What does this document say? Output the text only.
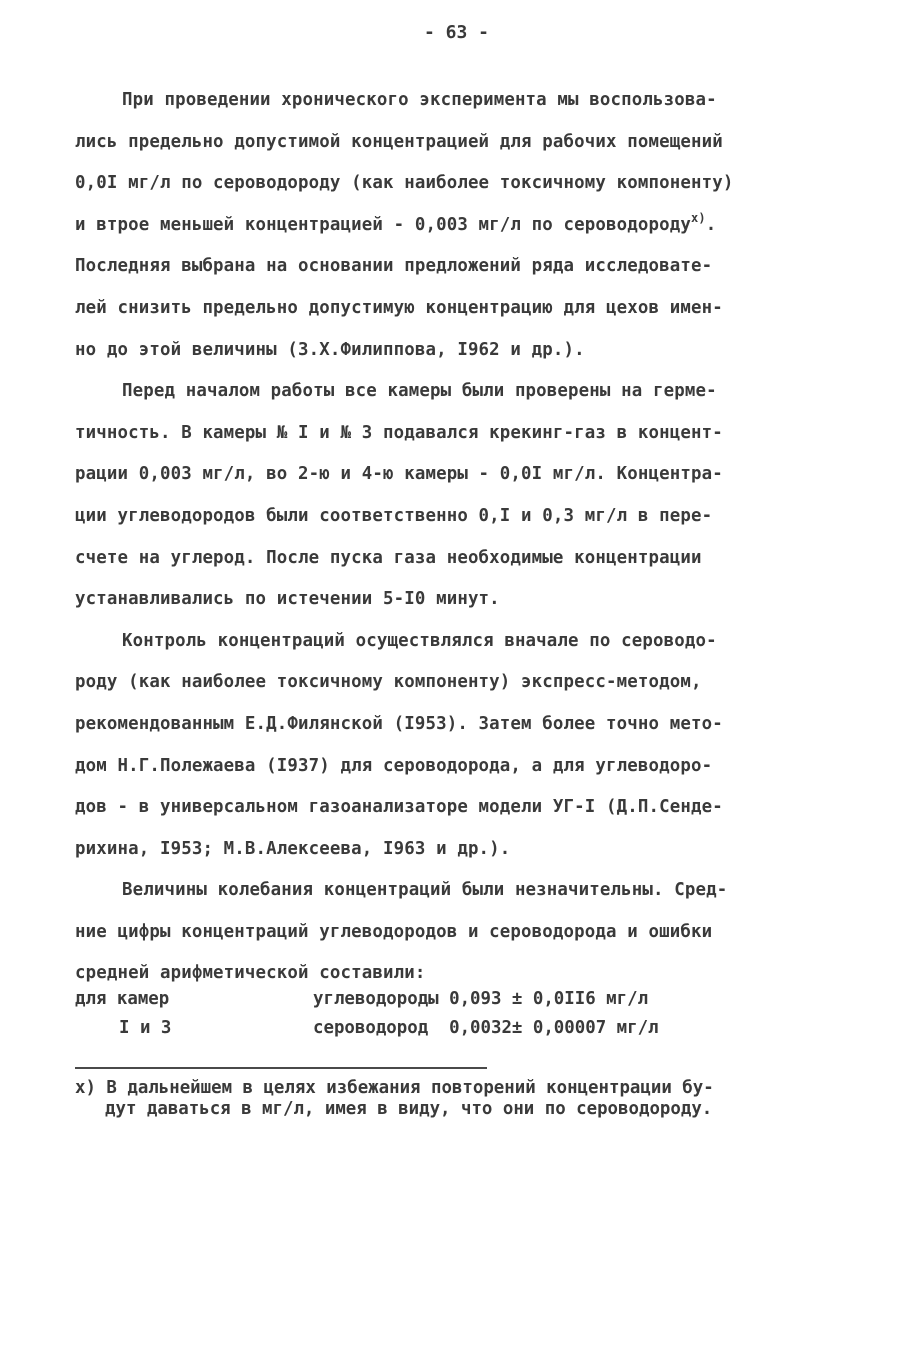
- 63 -
При проведении хронического эксперимента мы воспользова-
лись предельно допустимой концентрацией для рабочих помещений
0,0I мг/л по сероводороду (как наиболее токсичному компоненту)
и втрое меньшей концентрацией - 0,003 мг/л по сероводороду$^{х)}$.
Последняя выбрана на основании предложений ряда исследовате-
лей снизить предельно допустимую концентрацию для цехов имен-
но до этой величины (З.Х.Филиппова, I962 и др.).
Перед началом работы все камеры были проверены на герме-
тичность. В камеры № I и № 3 подавался крекинг-газ в концент-
рации 0,003 мг/л, во 2-ю и 4-ю камеры - 0,0I мг/л. Концентра-
ции углеводородов были соответственно 0,I и 0,3 мг/л в пере-
счете на углерод. После пуска газа необходимые концентрации
устанавливались по истечении 5-I0 минут.
Контроль концентраций осуществлялся вначале по сероводо-
роду (как наиболее токсичному компоненту) экспресс-методом,
рекомендованным Е.Д.Филянской (I953). Затем более точно мето-
дом Н.Г.Полежаева (I937) для сероводорода, а для углеводоро-
дов - в универсальном газоанализаторе модели УГ-I (Д.П.Сенде-
рихина, I953; М.В.Алексеева, I963 и др.).
Величины колебания концентраций были незначительны. Сред-
ние цифры концентраций углеводородов и сероводорода и ошибки
средней арифметической составили:
для камер	углеводороды 0,093 ± 0,0II6 мг/л
I и 3	сероводород  0,0032± 0,00007 мг/л
х) В дальнейшем в целях избежания повторений концентрации бу-
дут даваться в мг/л, имея в виду, что они по сероводороду.
